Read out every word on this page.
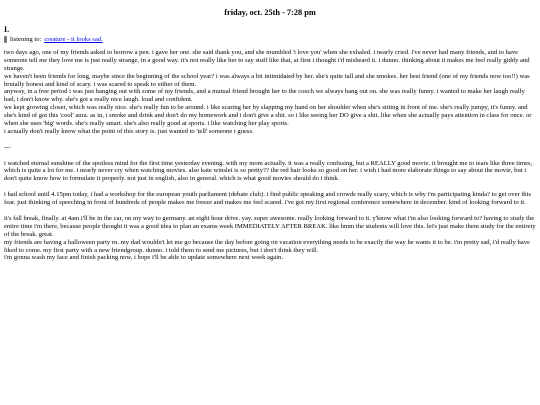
friday, oct. 25th - 7:28 pm
I.
listening to: creature - it looks sad.

two days ago, one of my friends asked to borrow a pen. i gave her one. she said thank you, and she mumbled 'i love you' when she exhaled. i nearly cried. i've never had many friends, and to have someone tell me they love me is just really strange, in a good way. it's not really like her to say stuff like that, at first i thought i'd misheard it. i dunno. thinking about it makes me feel really giddy and strange.

we haven't been friends for long, maybe since the beginning of the school year? i was always a bit intimidated by her. she's quite tall and she smokes. her best friend (one of my friends now too!!) was brutally honest and kind of scary. i was scared to speak to either of them.

anyway, in a free period i was just hanging out with some of my friends, and a mutual friend brought her to the couch we always hang out on. she was really funny. i wanted to make her laugh really bad, i don't know why. she's got a really nice laugh. loud and confident.

we kept growing closer, which was really nice. she's really fun to be around. i like scaring her by slapping my hand on her shoulder when she's sitting in front of me. she's really jumpy, it's funny. and she's kind of got this 'cool' aura. as in, i smoke and drink and don't do my homework and i don't give a shit. so i like seeing her DO give a shit. like when she actually pays attention in class for once. or when she uses 'big' words. she's really smart. she's also really good at sports. i like watching her play sports.

i actually don't really know what the point of this story is. just wanted to 'tell' someone i guess.

---

i watched eternal sunshine of the spotless mind for the first time yesterday evening. with my mom actually. it was a really confusing, but a REALLY good movie. it brought me to tears like three times, which is quite a lot for me. i nearly never cry when watching movies. also kate winslet is so pretty?? the red hair looks so good on her. i wish i had more elaborate things to say about the movie, but i don't quite know how to formulate it properly. not just in english, also in general. which is what good movies should do i think.

i had school until 4.15pm today, i had a workshop for the european youth parliament (debate club). i find public speaking and crowds really scary, which is why i'm participating kinda? to get over this fear. just thinking of speeching in front of hundreds of people makes me freeze and makes me feel scared. i've got my first regional conference somewhere in december. kind of looking forward to it.

it's fall break, finally. at 4am i'll be in the car, on my way to germany. an eight hour drive. yay. super awesome. really looking forward to it. y'know what i'm also looking forward to? having to study the entire time i'm there, because people thought it was a good idea to plan an exams week IMMEDIATELY AFTER BREAK. like hmm the students will love this. let's just make them study for the entirety of the break. great.

my friends are having a halloween party rn. my dad wouldn't let me go because the day before going on vacation everything needs to be exactly the way he wants it to be. i'm pretty sad, i'd really have liked to come. my first party with a new friendgroup. dunno. i told them to send me pictures, but i don't think they will.

i'm gonna wash my face and finish packing now. i hope i'll be able to update somewhere next week again.
